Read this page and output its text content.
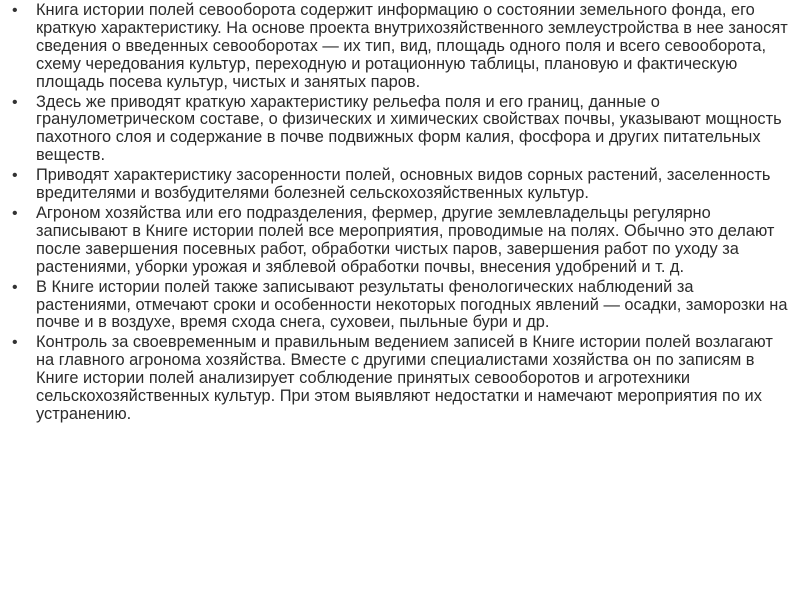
• Книга истории полей севооборота содержит информацию о состоянии земельного фонда, его краткую характеристику. На основе проекта внутрихозяйственного землеустройства в нее заносят сведения о введенных севооборотах — их тип, вид, площадь одного поля и всего севооборота, схему чередования культур, переходную и ротационную таблицы, плановую и фактическую площадь посева культур, чистых и занятых паров.
• Здесь же приводят краткую характеристику рельефа поля и его границ, данные о гранулометрическом составе, о физических и химических свойствах почвы, указывают мощность пахотного слоя и содержание в почве подвижных форм калия, фосфора и других питательных веществ.
• Приводят характеристику засоренности полей, основных видов сорных растений, заселенность вредителями и возбудителями болезней сельскохозяйственных культур.
• Агроном хозяйства или его подразделения, фермер, другие землевладельцы регулярно записывают в Книге истории полей все мероприятия, проводимые на полях. Обычно это делают после завершения посевных работ, обработки чистых паров, завершения работ по уходу за растениями, уборки урожая и зяблевой обработки почвы, внесения удобрений и т. д.
• В Книге истории полей также записывают результаты фенологических наблюдений за растениями, отмечают сроки и особенности некоторых погодных явлений — осадки, заморозки на почве и в воздухе, время схода снега, суховеи, пыльные бури и др.
• Контроль за своевременным и правильным ведением записей в Книге истории полей возлагают на главного агронома хозяйства. Вместе с другими специалистами хозяйства он по записям в Книге истории полей анализирует соблюдение принятых севооборотов и агротехники сельскохозяйственных культур. При этом выявляют недостатки и намечают мероприятия по их устранению.
